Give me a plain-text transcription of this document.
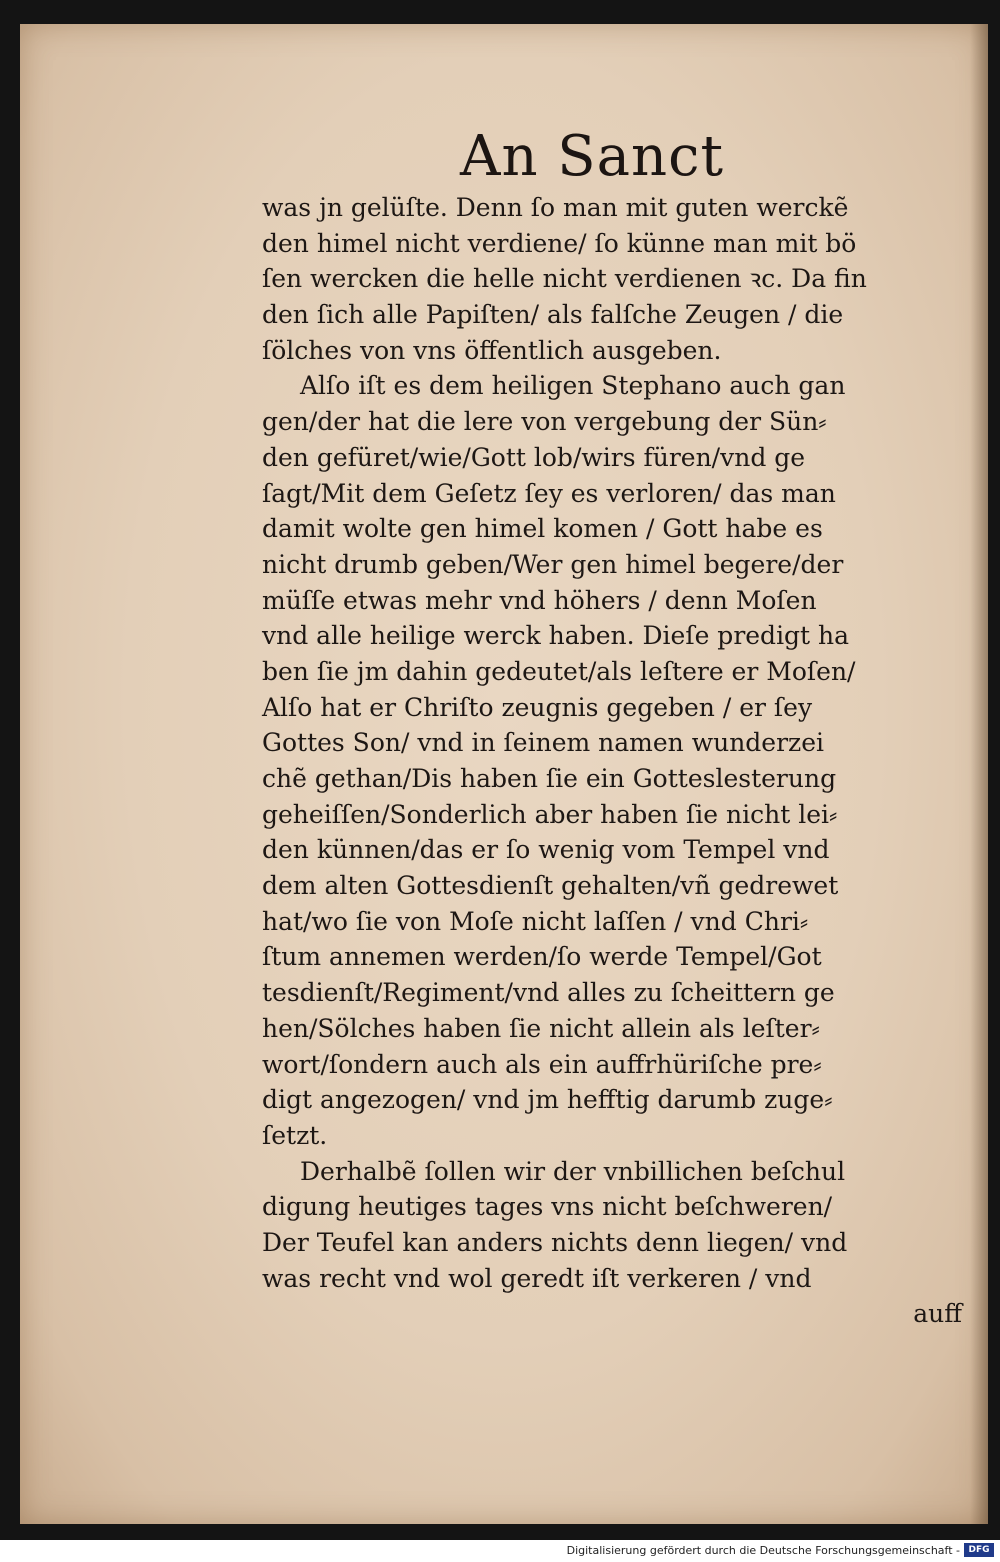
An Sanct
was jn gelüſte. Denn ſo man mit guten werckẽ
den himel nicht verdiene/ ſo künne man mit bö
ſen wercken die helle nicht verdienen ꝛc. Da fin
den ſich alle Papiſten/ als falſche Zeugen / die
ſölches von vns öffentlich ausgeben.
Alſo iſt es dem heiligen Stephano auch gan
gen/der hat die lere von vergebung der Sün⸗
den gefüret/wie/Gott lob/wirs füren/vnd ge
ſagt/Mit dem Geſetz ſey es verloren/ das man
damit wolte gen himel komen / Gott habe es
nicht drumb geben/Wer gen himel begere/der
müſſe etwas mehr vnd höhers / denn Moſen
vnd alle heilige werck haben. Dieſe predigt ha
ben ſie jm dahin gedeutet/als leſtere er Moſen/
Alſo hat er Chriſto zeugnis gegeben / er ſey
Gottes Son/ vnd in ſeinem namen wunderzei
chẽ gethan/Dis haben ſie ein Gotteslesterung
geheiſſen/Sonderlich aber haben ſie nicht lei⸗
den künnen/das er ſo wenig vom Tempel vnd
dem alten Gottesdienſt gehalten/vñ gedrewet
hat/wo ſie von Moſe nicht laſſen / vnd Chri⸗
ſtum annemen werden/ſo werde Tempel/Got
tesdienſt/Regiment/vnd alles zu ſcheittern ge
hen/Sölches haben ſie nicht allein als leſter⸗
wort/ſondern auch als ein auffrhüriſche pre⸗
digt angezogen/ vnd jm hefftig darumb zuge⸗
ſetzt.
Derhalbẽ ſollen wir der vnbillichen beſchul
digung heutiges tages vns nicht beſchweren/
Der Teufel kan anders nichts denn liegen/ vnd
was recht vnd wol geredt iſt verkeren / vnd
auff
Digitalisierung gefördert durch die Deutsche Forschungsgemeinschaft - DFG
